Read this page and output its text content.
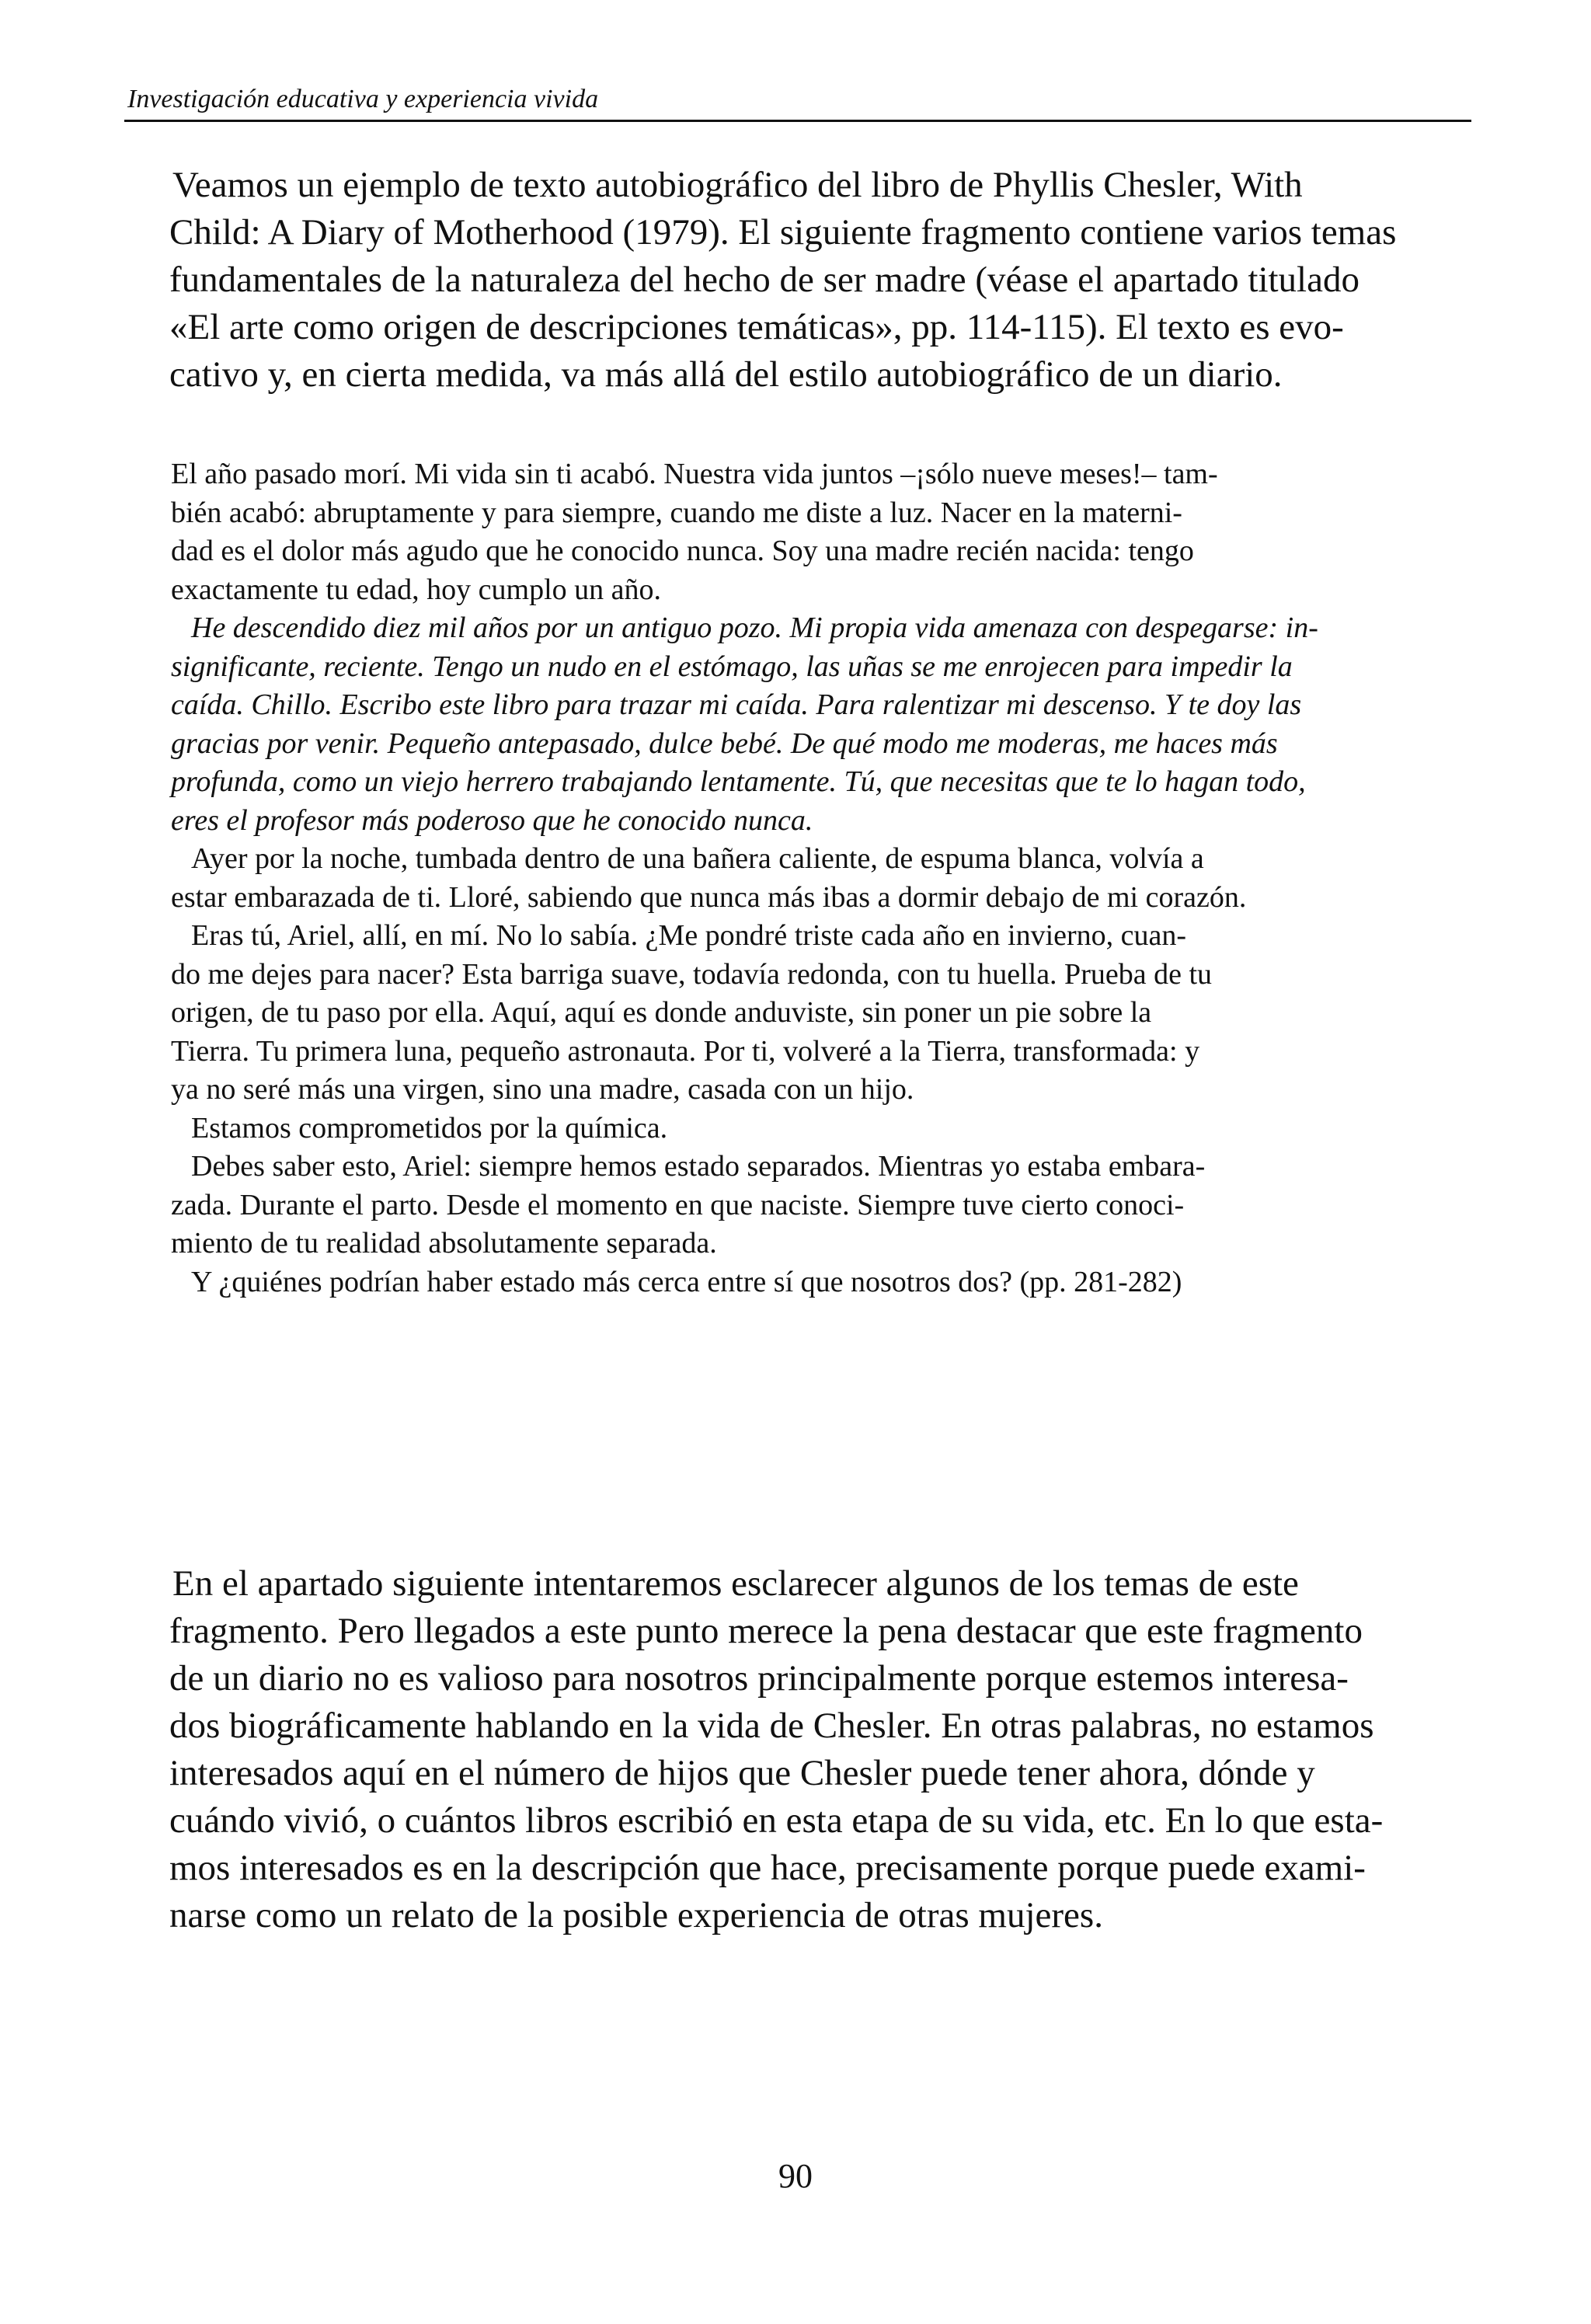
Investigación educativa y experiencia vivida
Veamos un ejemplo de texto autobiográfico del libro de Phyllis Chesler, With
Child: A Diary of Motherhood (1979). El siguiente fragmento contiene varios temas
fundamentales de la naturaleza del hecho de ser madre (véase el apartado titulado
«El arte como origen de descripciones temáticas», pp. 114-115). El texto es evo-
cativo y, en cierta medida, va más allá del estilo autobiográfico de un diario.
El año pasado morí. Mi vida sin ti acabó. Nuestra vida juntos –¡sólo nueve meses!– tam-
bién acabó: abruptamente y para siempre, cuando me diste a luz. Nacer en la materni-
dad es el dolor más agudo que he conocido nunca. Soy una madre recién nacida: tengo
exactamente tu edad, hoy cumplo un año.
He descendido diez mil años por un antiguo pozo. Mi propia vida amenaza con despegarse: in-
significante, reciente. Tengo un nudo en el estómago, las uñas se me enrojecen para impedir la
caída. Chillo. Escribo este libro para trazar mi caída. Para ralentizar mi descenso. Y te doy las
gracias por venir. Pequeño antepasado, dulce bebé. De qué modo me moderas, me haces más
profunda, como un viejo herrero trabajando lentamente. Tú, que necesitas que te lo hagan todo,
eres el profesor más poderoso que he conocido nunca.
Ayer por la noche, tumbada dentro de una bañera caliente, de espuma blanca, volvía a
estar embarazada de ti. Lloré, sabiendo que nunca más ibas a dormir debajo de mi corazón.
Eras tú, Ariel, allí, en mí. No lo sabía. ¿Me pondré triste cada año en invierno, cuan-
do me dejes para nacer? Esta barriga suave, todavía redonda, con tu huella. Prueba de tu
origen, de tu paso por ella. Aquí, aquí es donde anduviste, sin poner un pie sobre la
Tierra. Tu primera luna, pequeño astronauta. Por ti, volveré a la Tierra, transformada: y
ya no seré más una virgen, sino una madre, casada con un hijo.
Estamos comprometidos por la química.
Debes saber esto, Ariel: siempre hemos estado separados. Mientras yo estaba embara-
zada. Durante el parto. Desde el momento en que naciste. Siempre tuve cierto conoci-
miento de tu realidad absolutamente separada.
Y ¿quiénes podrían haber estado más cerca entre sí que nosotros dos? (pp. 281-282)
En el apartado siguiente intentaremos esclarecer algunos de los temas de este
fragmento. Pero llegados a este punto merece la pena destacar que este fragmento
de un diario no es valioso para nosotros principalmente porque estemos interesa-
dos biográficamente hablando en la vida de Chesler. En otras palabras, no estamos
interesados aquí en el número de hijos que Chesler puede tener ahora, dónde y
cuándo vivió, o cuántos libros escribió en esta etapa de su vida, etc. En lo que esta-
mos interesados es en la descripción que hace, precisamente porque puede exami-
narse como un relato de la posible experiencia de otras mujeres.
90
